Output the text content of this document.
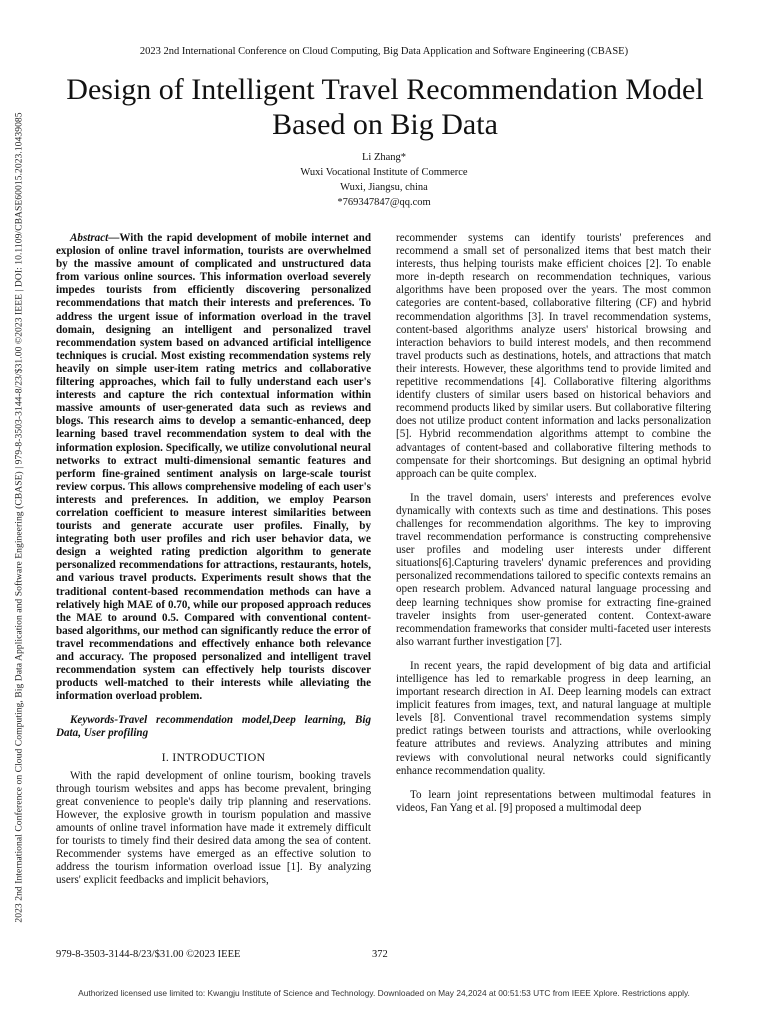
2023 2nd International Conference on Cloud Computing, Big Data Application and Software Engineering (CBASE) | 979-8-3503-3144-8/23/$31.00 ©2023 IEEE | DOI: 10.1109/CBASE60015.2023.10439085
2023 2nd International Conference on Cloud Computing, Big Data Application and Software Engineering (CBASE)
Design of Intelligent Travel Recommendation Model
Based on Big Data
Li Zhang*
Wuxi Vocational Institute of Commerce
Wuxi, Jiangsu, china
*769347847@qq.com

Abstract—With the rapid development of mobile internet and explosion of online travel information, tourists are overwhelmed by the massive amount of complicated and unstructured data from various online sources. This information overload severely impedes tourists from efficiently discovering personalized recommendations that match their interests and preferences. To address the urgent issue of information overload in the travel domain, designing an intelligent and personalized travel recommendation system based on advanced artificial intelligence techniques is crucial. Most existing recommendation systems rely heavily on simple user-item rating metrics and collaborative filtering approaches, which fail to fully understand each user's interests and capture the rich contextual information within massive amounts of user-generated data such as reviews and blogs. This research aims to develop a semantic-enhanced, deep learning based travel recommendation system to deal with the information explosion. Specifically, we utilize convolutional neural networks to extract multi-dimensional semantic features and perform fine-grained sentiment analysis on large-scale tourist review corpus. This allows comprehensive modeling of each user's interests and preferences. In addition, we employ Pearson correlation coefficient to measure interest similarities between tourists and generate accurate user profiles. Finally, by integrating both user profiles and rich user behavior data, we design a weighted rating prediction algorithm to generate personalized recommendations for attractions, restaurants, hotels, and various travel products. Experiments result shows that the traditional content-based recommendation methods can have a relatively high MAE of 0.70, while our proposed approach reduces the MAE to around 0.5. Compared with conventional content-based algorithms, our method can significantly reduce the error of travel recommendations and effectively enhance both relevance and accuracy. The proposed personalized and intelligent travel recommendation system can effectively help tourists discover products well-matched to their interests while alleviating the information overload problem.

Keywords-Travel recommendation model,Deep learning, Big Data, User profiling

I. INTRODUCTION

With the rapid development of online tourism, booking travels through tourism websites and apps has become prevalent, bringing great convenience to people's daily trip planning and reservations. However, the explosive growth in tourism population and massive amounts of online travel information have made it extremely difficult for tourists to timely find their desired data among the sea of content. Recommender systems have emerged as an effective solution to address the tourism information overload issue [1]. By analyzing users' explicit feedbacks and implicit behaviors,

recommender systems can identify tourists' preferences and recommend a small set of personalized items that best match their interests, thus helping tourists make efficient choices [2]. To enable more in-depth research on recommendation techniques, various algorithms have been proposed over the years. The most common categories are content-based, collaborative filtering (CF) and hybrid recommendation algorithms [3]. In travel recommendation systems, content-based algorithms analyze users' historical browsing and interaction behaviors to build interest models, and then recommend travel products such as destinations, hotels, and attractions that match their interests. However, these algorithms tend to provide limited and repetitive recommendations [4]. Collaborative filtering algorithms identify clusters of similar users based on historical behaviors and recommend products liked by similar users. But collaborative filtering does not utilize product content information and lacks personalization [5]. Hybrid recommendation algorithms attempt to combine the advantages of content-based and collaborative filtering methods to compensate for their shortcomings. But designing an optimal hybrid approach can be quite complex.

In the travel domain, users' interests and preferences evolve dynamically with contexts such as time and destinations. This poses challenges for recommendation algorithms. The key to improving travel recommendation performance is constructing comprehensive user profiles and modeling user interests under different situations[6].Capturing travelers' dynamic preferences and providing personalized recommendations tailored to specific contexts remains an open research problem. Advanced natural language processing and deep learning techniques show promise for extracting fine-grained traveler insights from user-generated content. Context-aware recommendation frameworks that consider multi-faceted user interests also warrant further investigation [7].

In recent years, the rapid development of big data and artificial intelligence has led to remarkable progress in deep learning, an important research direction in AI. Deep learning models can extract implicit features from images, text, and natural language at multiple levels [8]. Conventional travel recommendation systems simply predict ratings between tourists and attractions, while overlooking feature attributes and reviews. Analyzing attributes and mining reviews with convolutional neural networks could significantly enhance recommendation quality.

To learn joint representations between multimodal features in videos, Fan Yang et al. [9] proposed a multimodal deep

979-8-3503-3144-8/23/$31.00 ©2023 IEEE	372
Authorized licensed use limited to: Kwangju Institute of Science and Technology. Downloaded on May 24,2024 at 00:51:53 UTC from IEEE Xplore. Restrictions apply.
